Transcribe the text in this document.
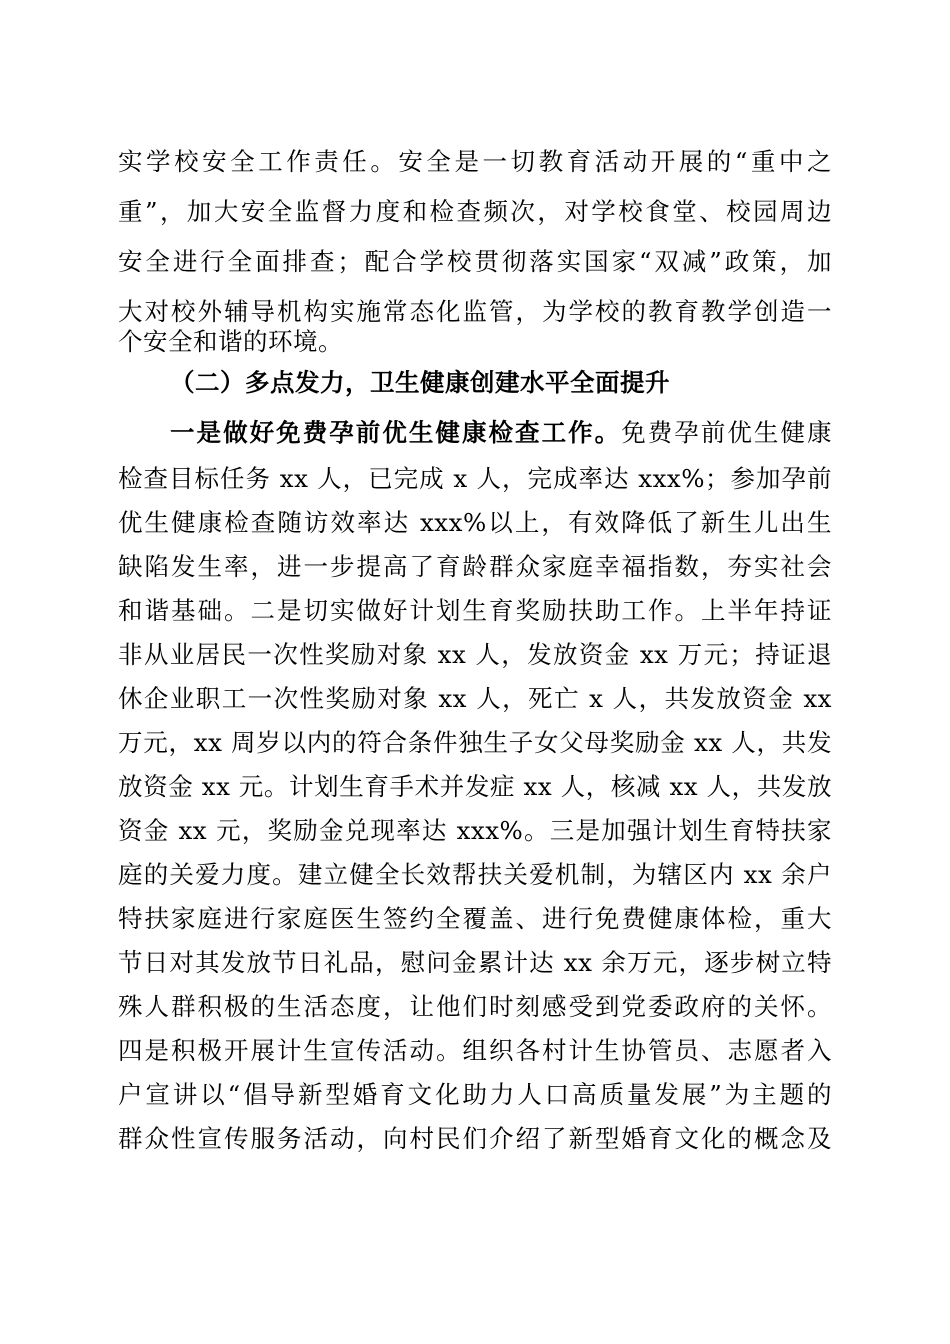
实学校安全工作责任。安全是一切教育活动开展的“重中之
重”，加大安全监督力度和检查频次，对学校食堂、校园周边
安全进行全面排查；配合学校贯彻落实国家“双减”政策，加
大对校外辅导机构实施常态化监管，为学校的教育教学创造一
个安全和谐的环境。
（二）多点发力，卫生健康创建水平全面提升
一是做好免费孕前优生健康检查工作。免费孕前优生健康
检查目标任务 xx 人，已完成 x 人，完成率达 xxx%；参加孕前
优生健康检查随访效率达 xxx%以上，有效降低了新生儿出生
缺陷发生率，进一步提高了育龄群众家庭幸福指数，夯实社会
和谐基础。二是切实做好计划生育奖励扶助工作。上半年持证
非从业居民一次性奖励对象 xx 人，发放资金 xx 万元；持证退
休企业职工一次性奖励对象 xx 人，死亡 x 人，共发放资金 xx
万元，xx 周岁以内的符合条件独生子女父母奖励金 xx 人，共发
放资金 xx 元。计划生育手术并发症 xx 人，核减 xx 人，共发放
资金 xx 元，奖励金兑现率达 xxx%。三是加强计划生育特扶家
庭的关爱力度。建立健全长效帮扶关爱机制，为辖区内 xx 余户
特扶家庭进行家庭医生签约全覆盖、进行免费健康体检，重大
节日对其发放节日礼品，慰问金累计达 xx 余万元，逐步树立特
殊人群积极的生活态度，让他们时刻感受到党委政府的关怀。
四是积极开展计生宣传活动。组织各村计生协管员、志愿者入
户宣讲以“倡导新型婚育文化助力人口高质量发展”为主题的
群众性宣传服务活动，向村民们介绍了新型婚育文化的概念及
